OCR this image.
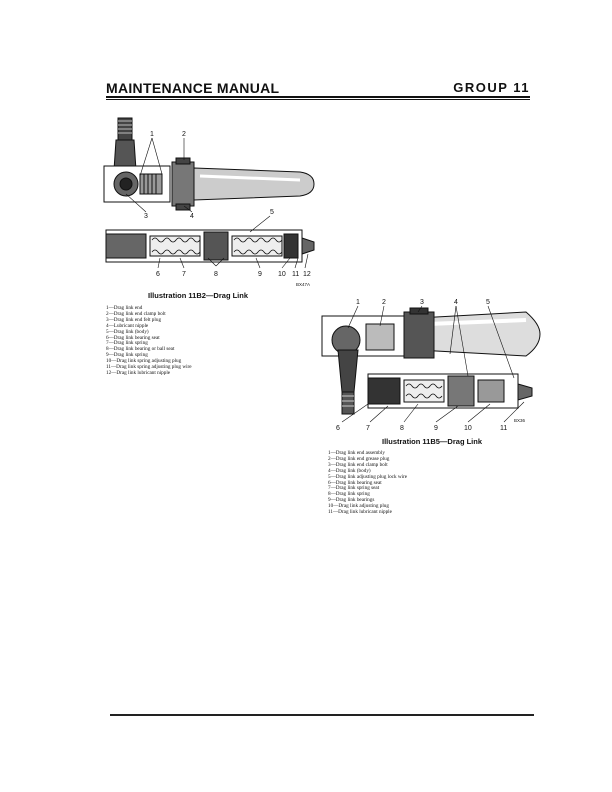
MAINTENANCE MANUAL	GROUP 11
1	2
3	4
5
6	7	8	9 10 11 12
BX47A
Illustration 11B2—Drag Link
1—Drag link end
2—Drag link end clamp bolt
3—Drag link end felt plug
4—Lubricant nipple
5—Drag link (body)
6—Drag link bearing seat
7—Drag link spring
8—Drag link bearing or ball seat
9—Drag link spring
10—Drag link spring adjusting plug
11—Drag link spring adjusting plug wire
12—Drag link lubricant nipple
1	2	3	4	5
6	7	8	9	10	11
BX36
Illustration 11B5—Drag Link
1—Drag link end assembly
2—Drag link end grease plug
3—Drag link end clamp bolt
4—Drag link (body)
5—Drag link adjusting plug lock wire
6—Drag link bearing seat
7—Drag link spring seat
8—Drag link spring
9—Drag link bearings
10—Drag link adjusting plug
11—Drag link lubricant nipple
